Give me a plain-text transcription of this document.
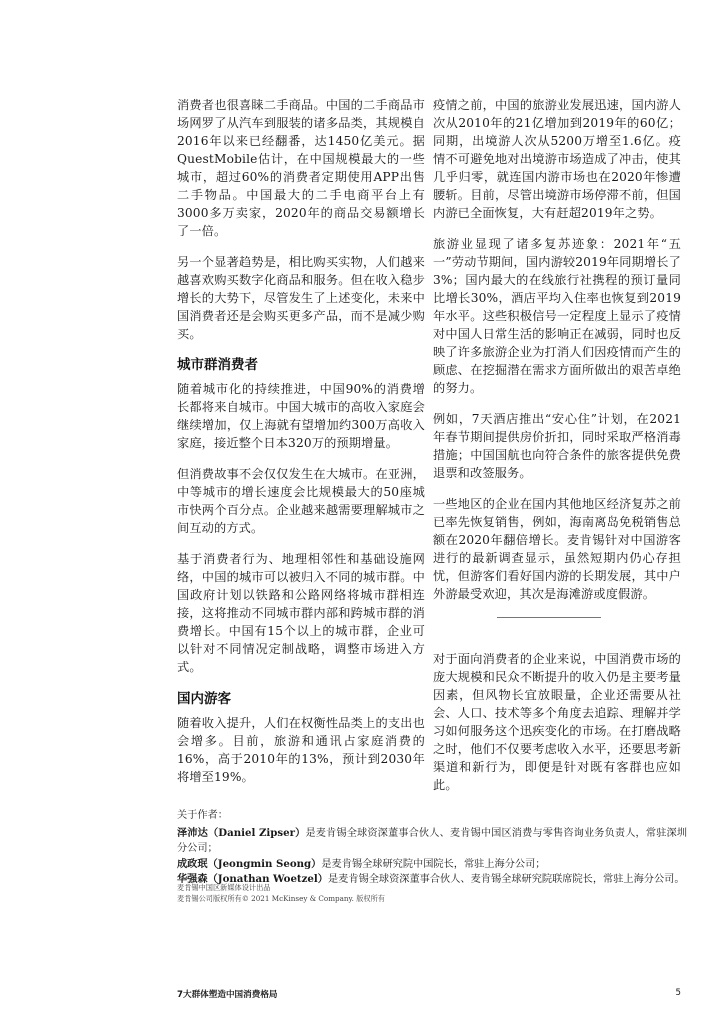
消费者也很喜睐二手商品。中国的二手商品市场网罗了从汽车到服装的诸多品类，其规模自2016年以来已经翻番，达1450亿美元。据QuestMobile估计，在中国规模最大的一些城市，超过60%的消费者定期使用APP出售二手物品。中国最大的二手电商平台上有3000多万卖家，2020年的商品交易额增长了一倍。

另一个显著趋势是，相比购买实物，人们越来越喜欢购买数字化商品和服务。但在收入稳步增长的大势下，尽管发生了上述变化，未来中国消费者还是会购买更多产品，而不是减少购买。

城市群消费者

随着城市化的持续推进，中国90%的消费增长都将来自城市。中国大城市的高收入家庭会继续增加，仅上海就有望增加约300万高收入家庭，接近整个日本320万的预期增量。

但消费故事不会仅仅发生在大城市。在亚洲，中等城市的增长速度会比规模最大的50座城市快两个百分点。企业越来越需要理解城市之间互动的方式。

基于消费者行为、地理相邻性和基础设施网络，中国的城市可以被归入不同的城市群。中国政府计划以铁路和公路网络将城市群相连接，这将推动不同城市群内部和跨城市群的消费增长。中国有15个以上的城市群，企业可以针对不同情况定制战略，调整市场进入方式。

国内游客

随着收入提升，人们在权衡性品类上的支出也会增多。目前，旅游和通讯占家庭消费的16%，高于2010年的13%，预计到2030年将增至19%。

疫情之前，中国的旅游业发展迅速，国内游人次从2010年的21亿增加到2019年的60亿；同期，出境游人次从5200万增至1.6亿。疫情不可避免地对出境游市场造成了冲击，使其几乎归零，就连国内游市场也在2020年惨遭腰斩。目前，尽管出境游市场停滞不前，但国内游已全面恢复，大有赶超2019年之势。

旅游业显现了诸多复苏迹象：2021年“五一”劳动节期间，国内游较2019年同期增长了3%；国内最大的在线旅行社携程的预订量同比增长30%，酒店平均入住率也恢复到2019年水平。这些积极信号一定程度上显示了疫情对中国人日常生活的影响正在减弱，同时也反映了许多旅游企业为打消人们因疫情而产生的顾虑、在挖掘潜在需求方面所做出的艰苦卓绝的努力。

例如，7天酒店推出“安心住”计划，在2021年春节期间提供房价折扣，同时采取严格消毒措施；中国国航也向符合条件的旅客提供免费退票和改签服务。

一些地区的企业在国内其他地区经济复苏之前已率先恢复销售，例如，海南离岛免税销售总额在2020年翻倍增长。麦肯锡针对中国游客进行的最新调查显示，虽然短期内仍心存担忧，但游客们看好国内游的长期发展，其中户外游最受欢迎，其次是海滩游或度假游。

对于面向消费者的企业来说，中国消费市场的庞大规模和民众不断提升的收入仍是主要考量因素，但风物长宜放眼量，企业还需要从社会、人口、技术等多个角度去追踪、理解并学习如何服务这个迅疾变化的市场。在打磨战略之时，他们不仅要考虑收入水平，还要思考新渠道和新行为，即便是针对既有客群也应如此。

关于作者：

泽沛达（Daniel Zipser）是麦肯锡全球资深董事合伙人、麦肯锡中国区消费与零售咨询业务负责人，常驻深圳分公司；

成政珉（Jeongmin Seong）是麦肯锡全球研究院中国院长，常驻上海分公司；

华强森（Jonathan Woetzel）是麦肯锡全球资深董事合伙人、麦肯锡全球研究院联席院长，常驻上海分公司。

麦肯锡中国区新媒体设计出品
麦肯锡公司版权所有© 2021 McKinsey & Company. 版权所有
7大群体塑造中国消费格局	5
